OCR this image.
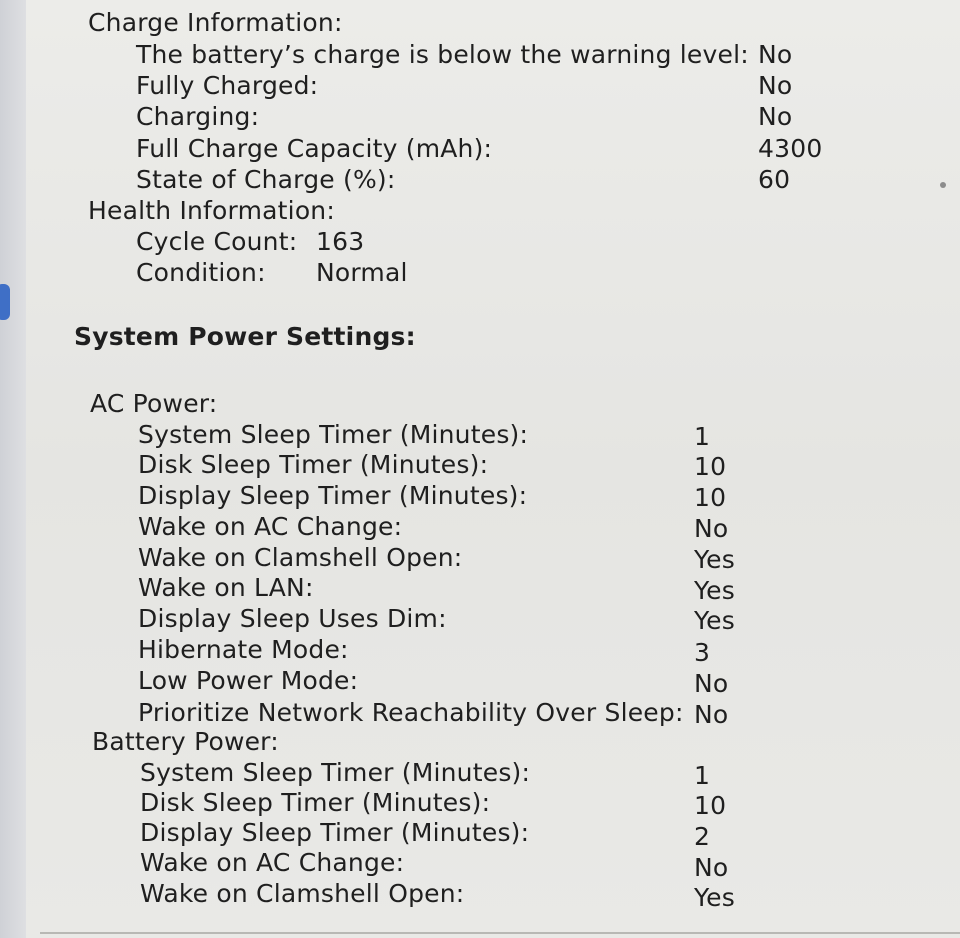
Charge Information:
The battery’s charge is below the warning level: No
Fully Charged:	No
Charging:	No
Full Charge Capacity (mAh):	4300
State of Charge (%):	60
Health Information:
Cycle Count: 163
Condition: Normal
System Power Settings:
AC Power:
System Sleep Timer (Minutes):	1
Disk Sleep Timer (Minutes):	10
Display Sleep Timer (Minutes):	10
Wake on AC Change:	No
Wake on Clamshell Open:	Yes
Wake on LAN:	Yes
Display Sleep Uses Dim:	Yes
Hibernate Mode:	3
Low Power Mode:	No
Prioritize Network Reachability Over Sleep: No
Battery Power:
System Sleep Timer (Minutes):	1
Disk Sleep Timer (Minutes):	10
Display Sleep Timer (Minutes):	2
Wake on AC Change:	No
Wake on Clamshell Open:	Yes
